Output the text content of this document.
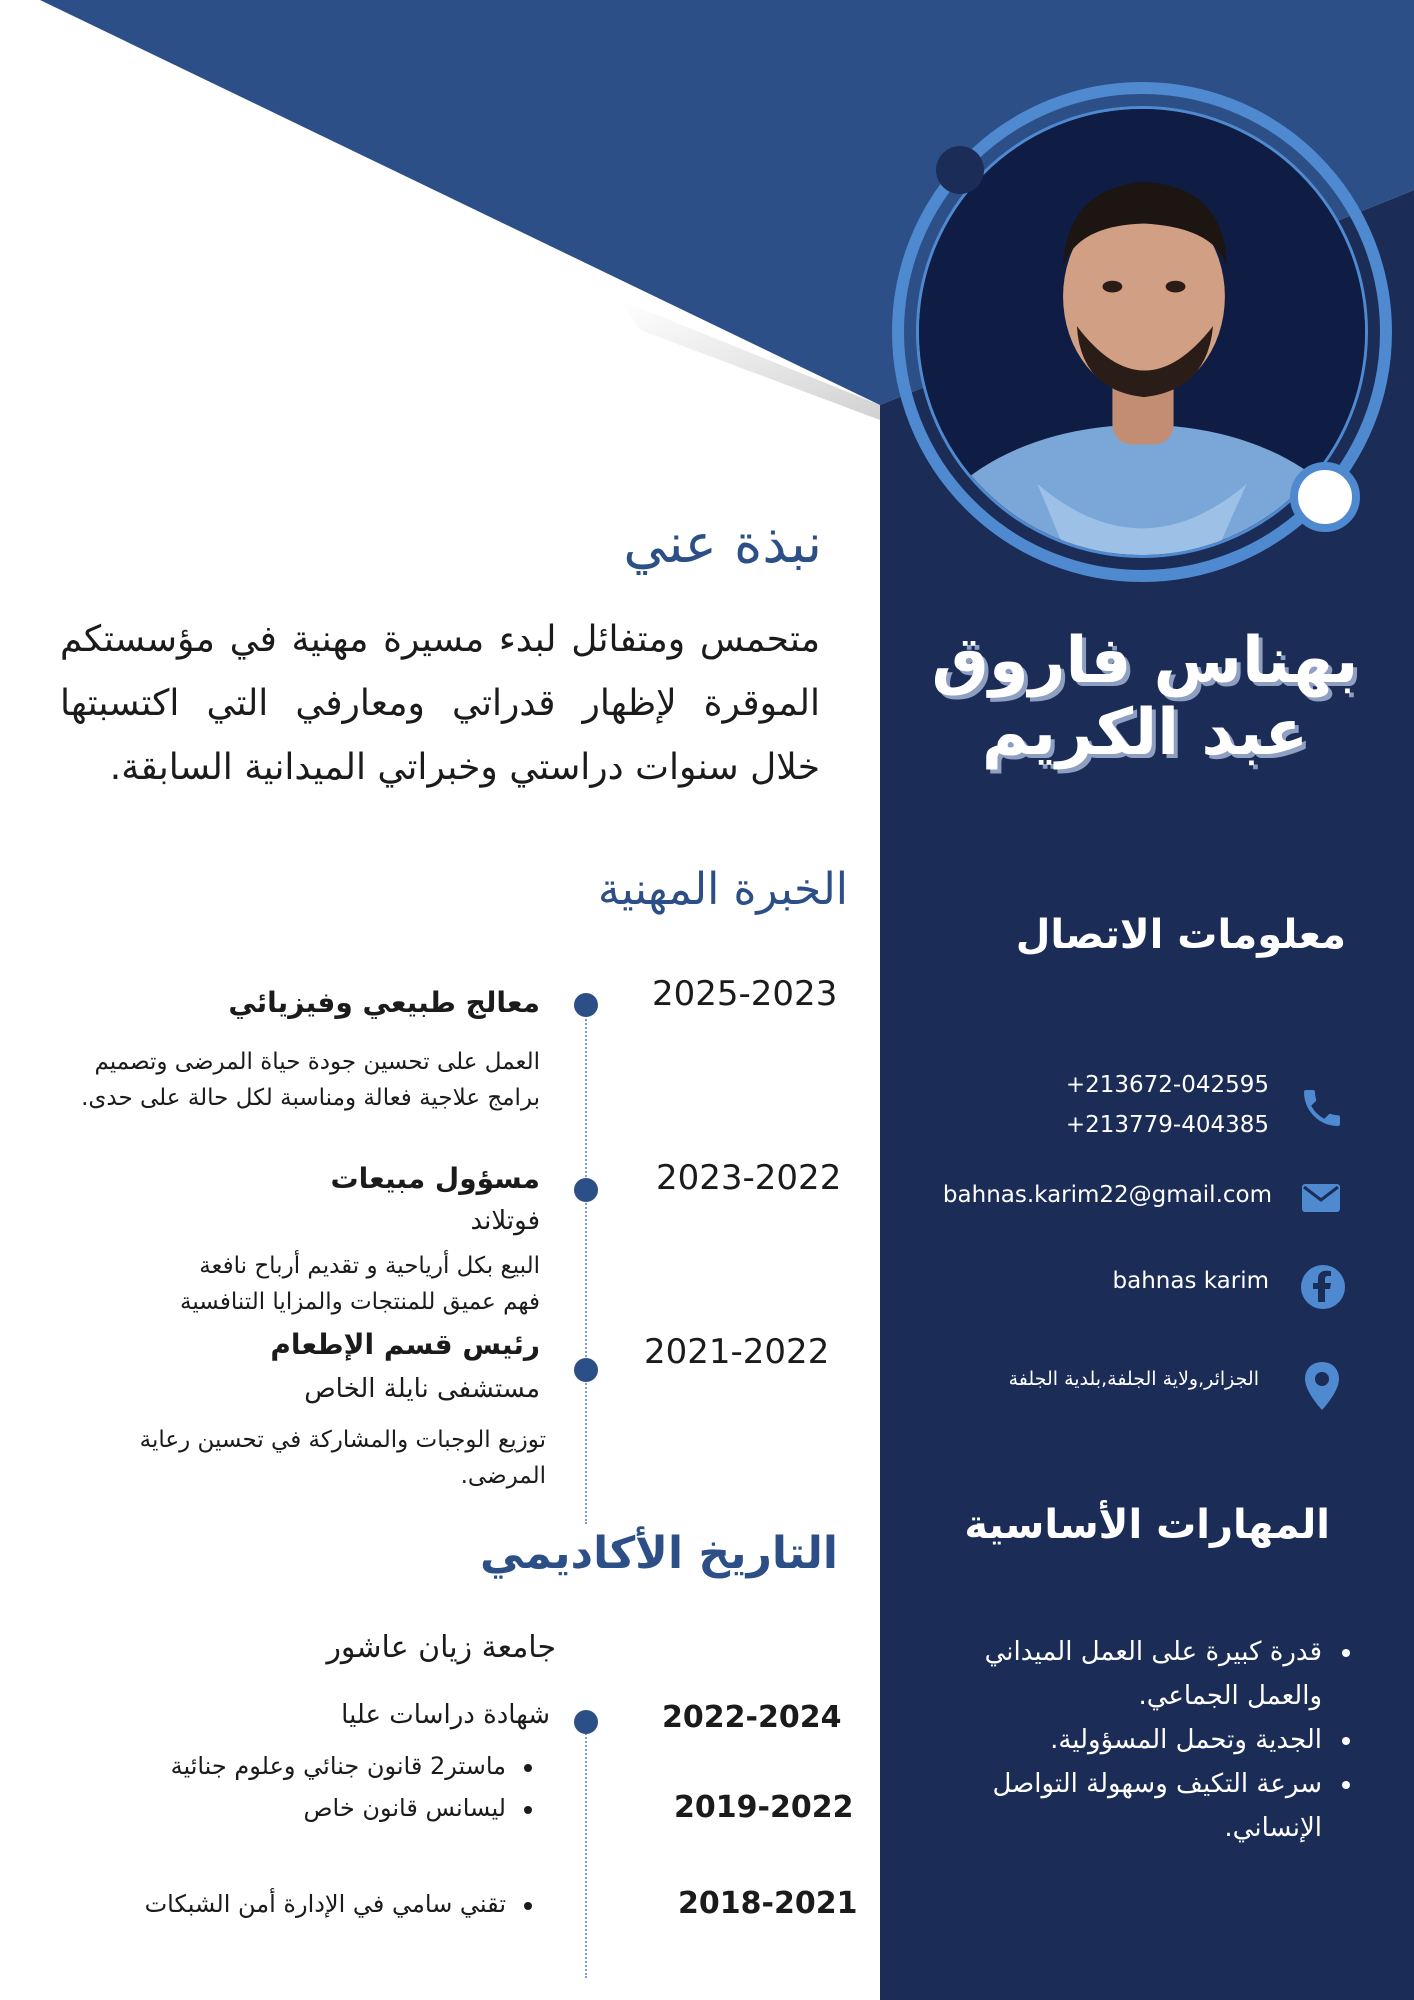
بهناس فاروق
عبد الكريم
معلومات الاتصال
+213672-042595
+213779-404385
bahnas.karim22@gmail.com
bahnas karim
الجزائر,ولاية الجلفة,بلدية الجلفة
المهارات الأساسية
قدرة كبيرة على العمل الميداني والعمل الجماعي.
الجدية وتحمل المسؤولية.
سرعة التكيف وسهولة التواصل الإنساني.
نبذة عني
متحمس ومتفائل لبدء مسيرة مهنية في مؤسستكم الموقرة لإظهار قدراتي ومعارفي التي اكتسبتها خلال سنوات دراستي وخبراتي الميدانية السابقة.
الخبرة المهنية
2025-2023
معالج طبيعي وفيزيائي
العمل على تحسين جودة حياة المرضى وتصميم برامج علاجية فعالة ومناسبة لكل حالة على حدى.
2023-2022
مسؤول مبيعات
فوتلاند
البيع بكل أرياحية و تقديم أرباح نافعة
فهم عميق للمنتجات والمزايا التنافسية
2021-2022
رئيس قسم الإطعام
مستشفى نايلة الخاص
توزيع الوجبات والمشاركة في تحسين رعاية المرضى.
التاريخ الأكاديمي
جامعة زيان عاشور
شهادة دراسات عليا	2022-2024
ماستر2 قانون جنائي وعلوم جنائية
2019-2022
ليسانس قانون خاص
2018-2021
تقني سامي في الإدارة أمن الشبكات
